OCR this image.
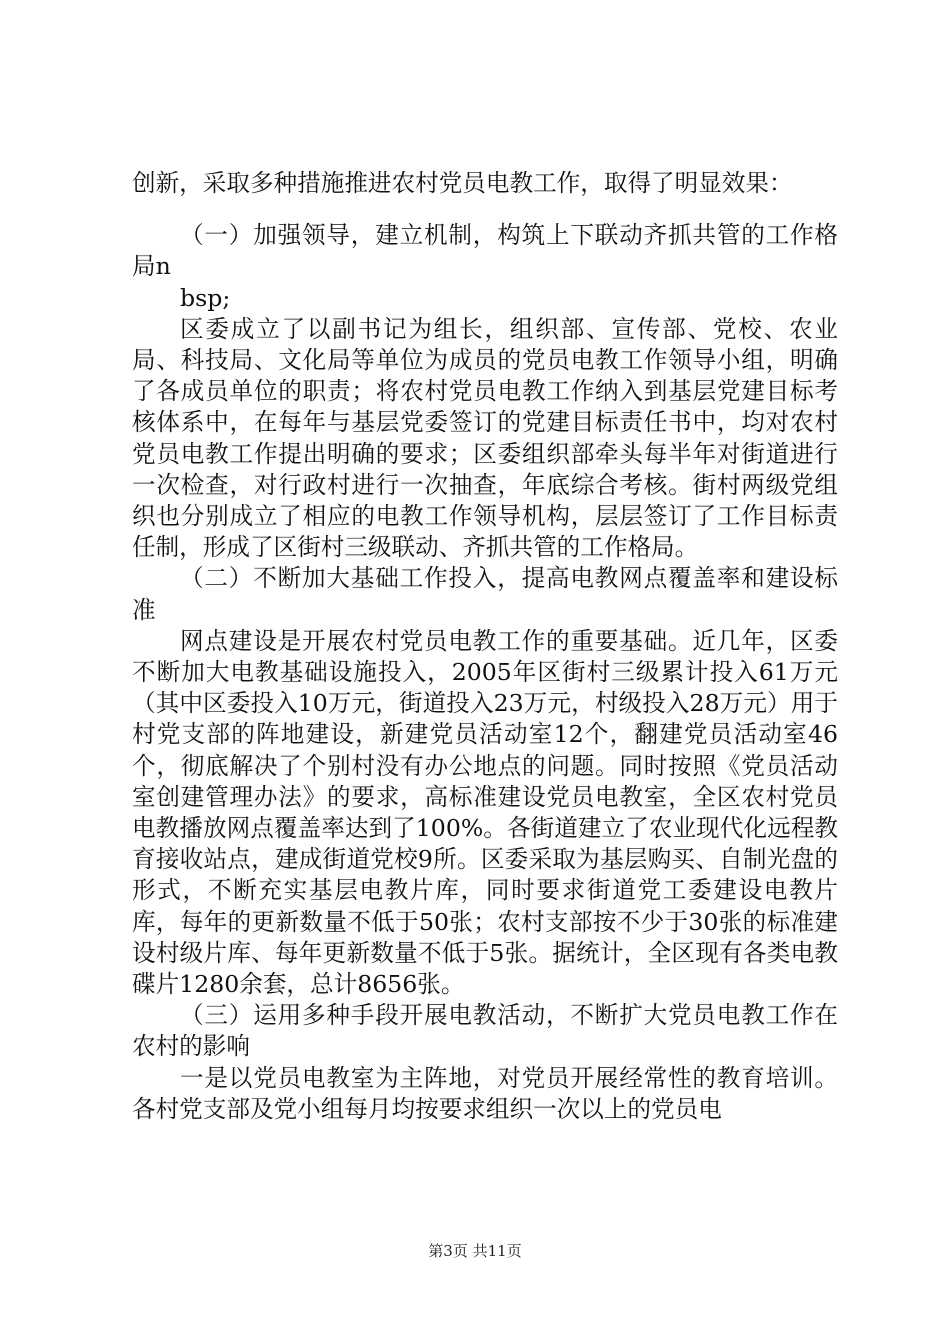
创新，采取多种措施推进农村党员电教工作，取得了明显效果：

（一）加强领导，建立机制，构筑上下联动齐抓共管的工作格局n

bsp;

区委成立了以副书记为组长，组织部、宣传部、党校、农业局、科技局、文化局等单位为成员的党员电教工作领导小组，明确了各成员单位的职责；将农村党员电教工作纳入到基层党建目标考核体系中，在每年与基层党委签订的党建目标责任书中，均对农村党员电教工作提出明确的要求；区委组织部牵头每半年对街道进行一次检查，对行政村进行一次抽查，年底综合考核。街村两级党组织也分别成立了相应的电教工作领导机构，层层签订了工作目标责任制，形成了区街村三级联动、齐抓共管的工作格局。

（二）不断加大基础工作投入，提高电教网点覆盖率和建设标准

网点建设是开展农村党员电教工作的重要基础。近几年，区委不断加大电教基础设施投入，2005年区街村三级累计投入61万元（其中区委投入10万元，街道投入23万元，村级投入28万元）用于村党支部的阵地建设，新建党员活动室12个，翻建党员活动室46个，彻底解决了个别村没有办公地点的问题。同时按照《党员活动室创建管理办法》的要求，高标准建设党员电教室，全区农村党员电教播放网点覆盖率达到了100%。各街道建立了农业现代化远程教育接收站点，建成街道党校9所。区委采取为基层购买、自制光盘的形式，不断充实基层电教片库，同时要求街道党工委建设电教片库，每年的更新数量不低于50张；农村支部按不少于30张的标准建设村级片库、每年更新数量不低于5张。据统计，全区现有各类电教碟片1280余套，总计8656张。

（三）运用多种手段开展电教活动，不断扩大党员电教工作在农村的影响

一是以党员电教室为主阵地，对党员开展经常性的教育培训。各村党支部及党小组每月均按要求组织一次以上的党员电

第3页 共11页
